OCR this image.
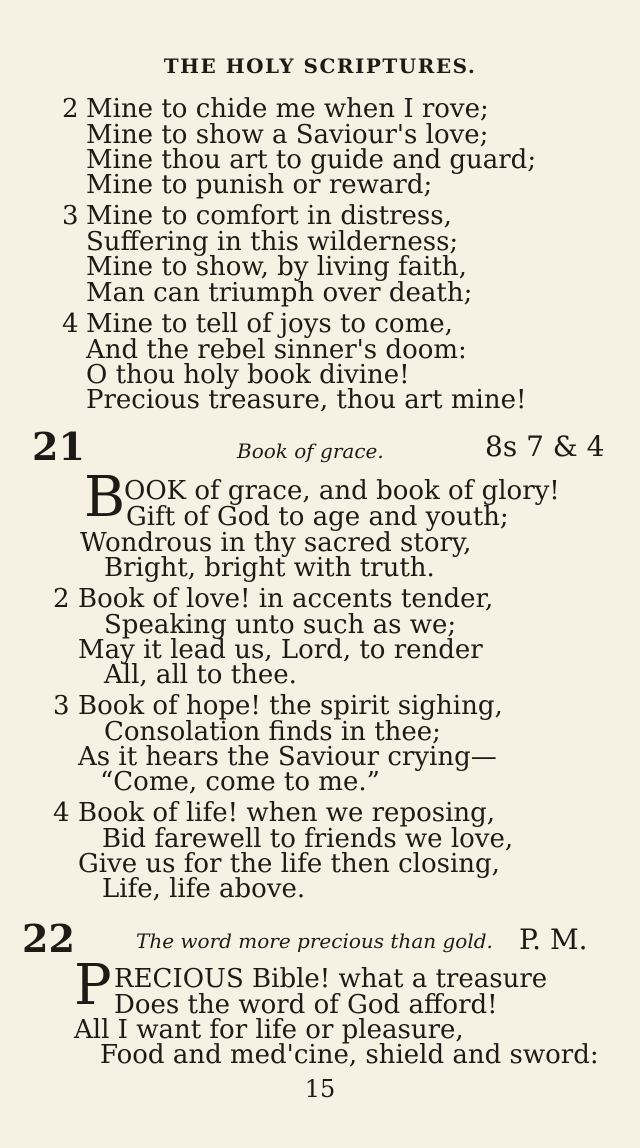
THE HOLY SCRIPTURES.
2 Mine to chide me when I rove;
Mine to show a Saviour's love;
Mine thou art to guide and guard;
Mine to punish or reward;
3 Mine to comfort in distress,
Suffering in this wilderness;
Mine to show, by living faith,
Man can triumph over death;
4 Mine to tell of joys to come,
And the rebel sinner's doom:
O thou holy book divine!
Precious treasure, thou art mine!
21	Book of grace.	8s 7 & 4
B
OOK of grace, and book of glory!
Gift of God to age and youth;
Wondrous in thy sacred story,
Bright, bright with truth.
2 Book of love! in accents tender,
Speaking unto such as we;
May it lead us, Lord, to render
All, all to thee.
3 Book of hope! the spirit sighing,
Consolation finds in thee;
As it hears the Saviour crying—
“Come, come to me.”
4 Book of life! when we reposing,
Bid farewell to friends we love,
Give us for the life then closing,
Life, life above.
22	The word more precious than gold. P. M.
P RECIOUS Bible! what a treasure
Does the word of God afford!
All I want for life or pleasure,
Food and med'cine, shield and sword:
15
